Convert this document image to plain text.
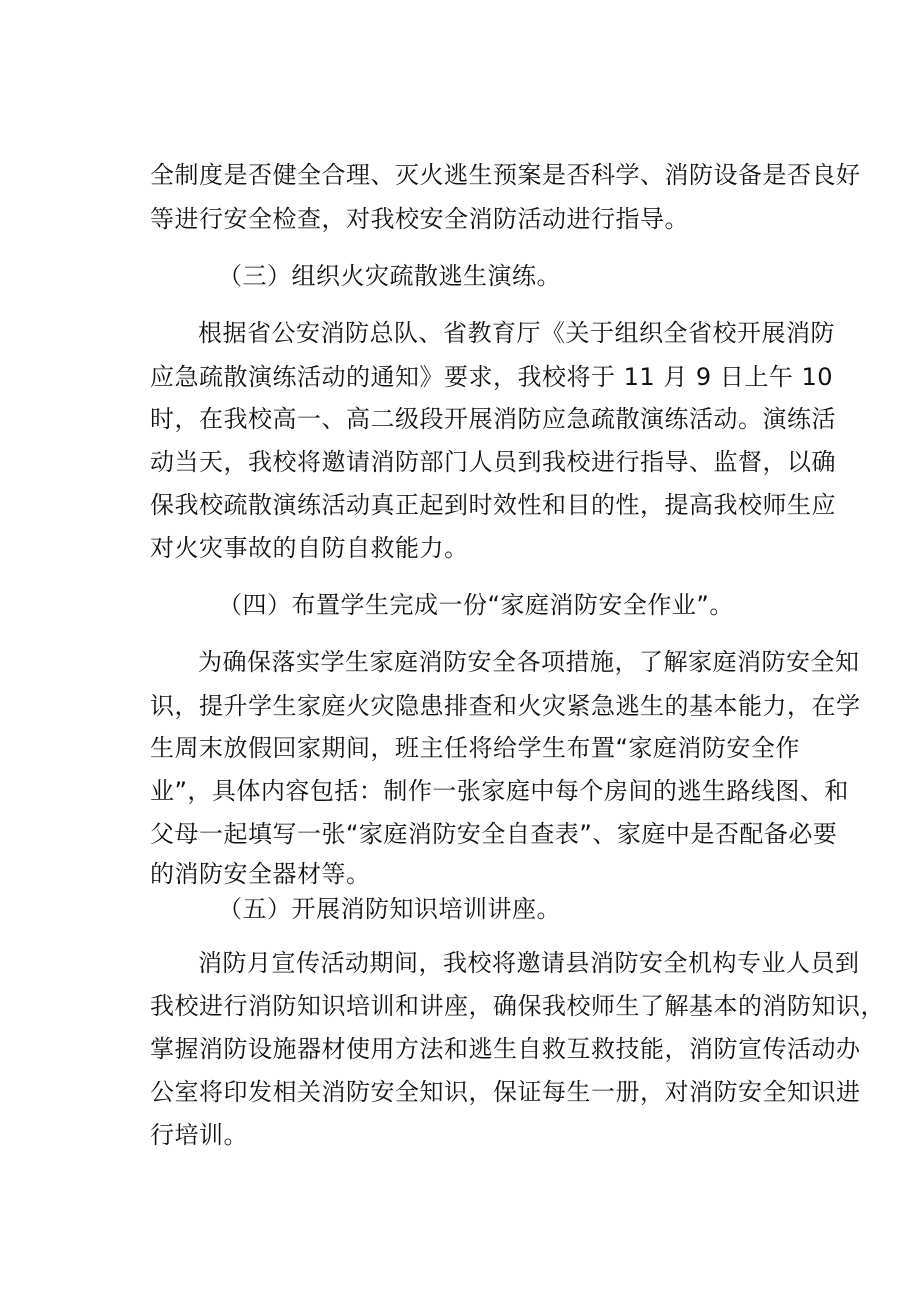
全制度是否健全合理、灭火逃生预案是否科学、消防设备是否良好
等进行安全检查，对我校安全消防活动进行指导。
（三）组织火灾疏散逃生演练。
根据省公安消防总队、省教育厅《关于组织全省校开展消防
应急疏散演练活动的通知》要求，我校将于 11 月 9 日上午 10
时，在我校高一、高二级段开展消防应急疏散演练活动。演练活
动当天，我校将邀请消防部门人员到我校进行指导、监督，以确
保我校疏散演练活动真正起到时效性和目的性，提高我校师生应
对火灾事故的自防自救能力。
（四）布置学生完成一份“家庭消防安全作业”。
为确保落实学生家庭消防安全各项措施，了解家庭消防安全知
识，提升学生家庭火灾隐患排查和火灾紧急逃生的基本能力，在学
生周末放假回家期间，班主任将给学生布置“家庭消防安全作
业”，具体内容包括：制作一张家庭中每个房间的逃生路线图、和
父母一起填写一张“家庭消防安全自查表”、家庭中是否配备必要
的消防安全器材等。
（五）开展消防知识培训讲座。
消防月宣传活动期间，我校将邀请县消防安全机构专业人员到
我校进行消防知识培训和讲座，确保我校师生了解基本的消防知识，
掌握消防设施器材使用方法和逃生自救互救技能，消防宣传活动办
公室将印发相关消防安全知识，保证每生一册，对消防安全知识进
行培训。
